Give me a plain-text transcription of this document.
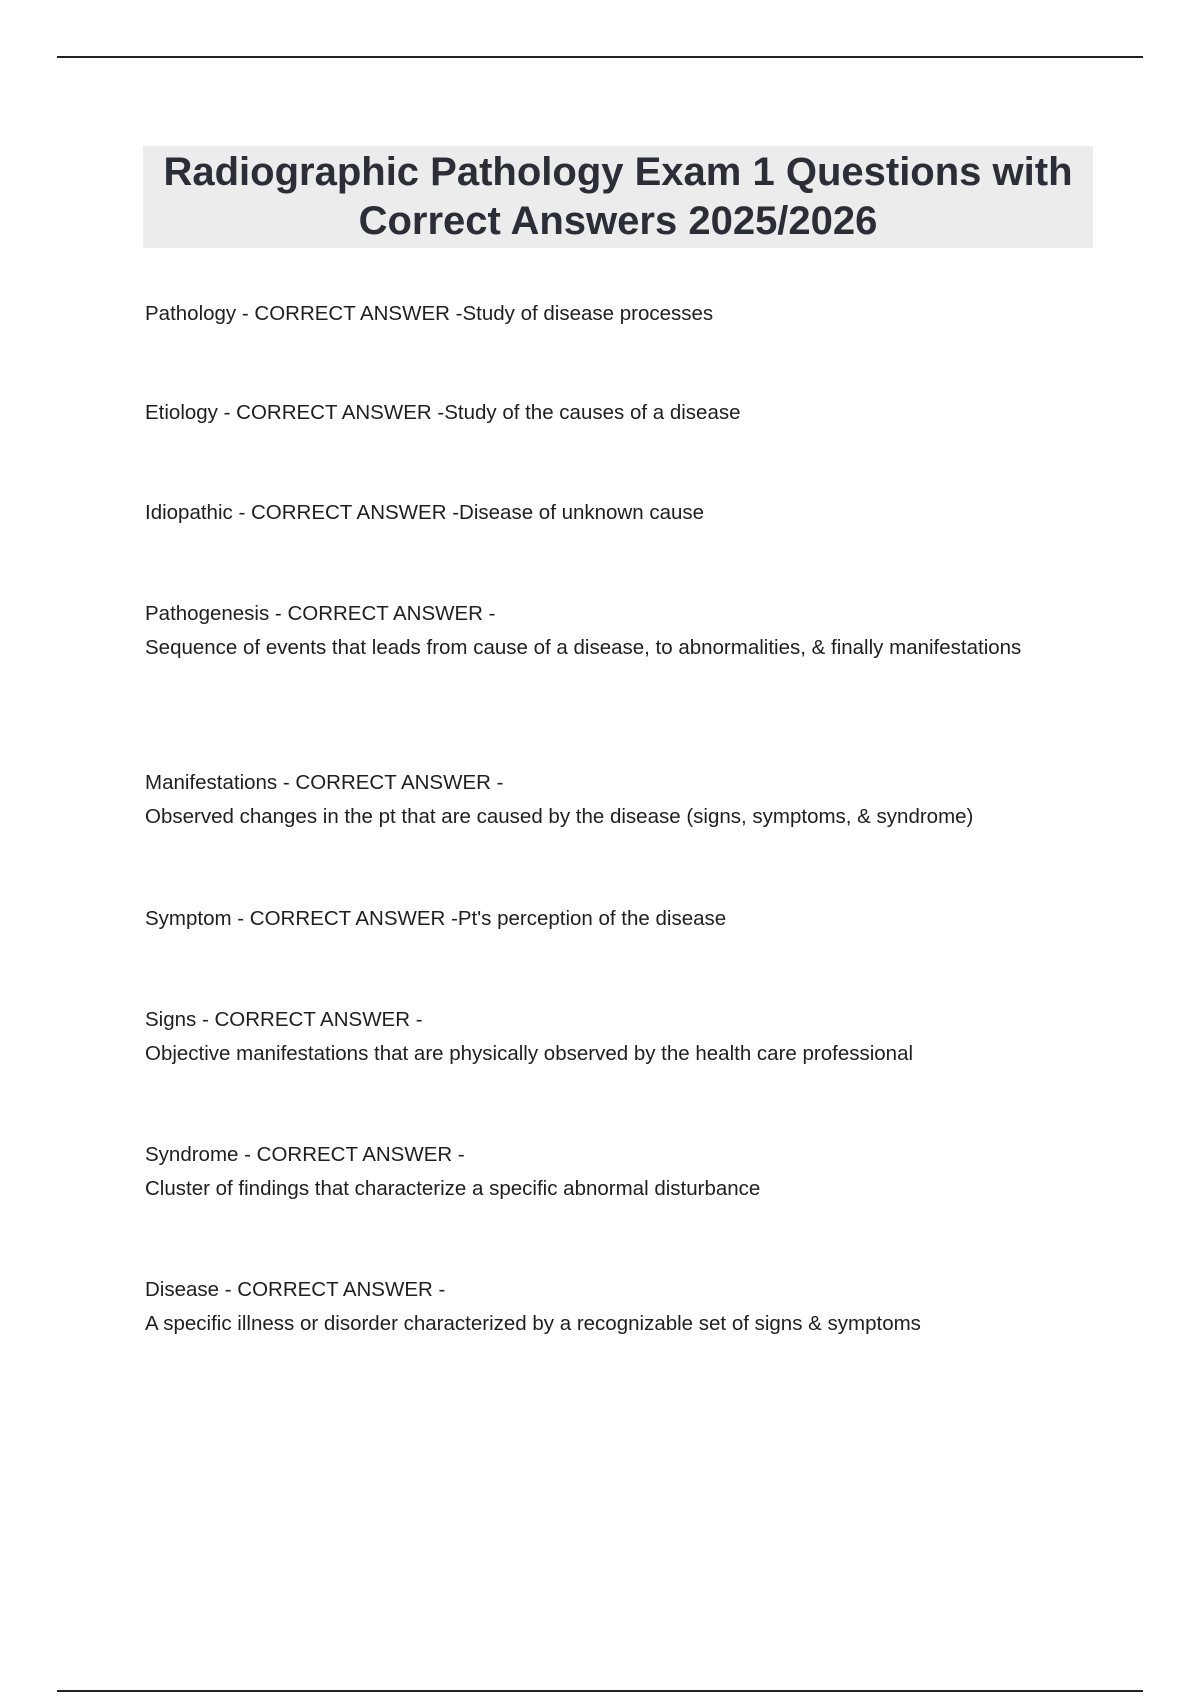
Radiographic Pathology Exam 1 Questions with Correct Answers 2025/2026
Pathology - CORRECT ANSWER -Study of disease processes
Etiology - CORRECT ANSWER -Study of the causes of a disease
Idiopathic - CORRECT ANSWER -Disease of unknown cause
Pathogenesis - CORRECT ANSWER -
Sequence of events that leads from cause of a disease, to abnormalities, & finally manifestations
Manifestations - CORRECT ANSWER -
Observed changes in the pt that are caused by the disease (signs, symptoms, & syndrome)
Symptom - CORRECT ANSWER -Pt's perception of the disease
Signs - CORRECT ANSWER -
Objective manifestations that are physically observed by the health care professional
Syndrome - CORRECT ANSWER -
Cluster of findings that characterize a specific abnormal disturbance
Disease - CORRECT ANSWER -
A specific illness or disorder characterized by a recognizable set of signs & symptoms
